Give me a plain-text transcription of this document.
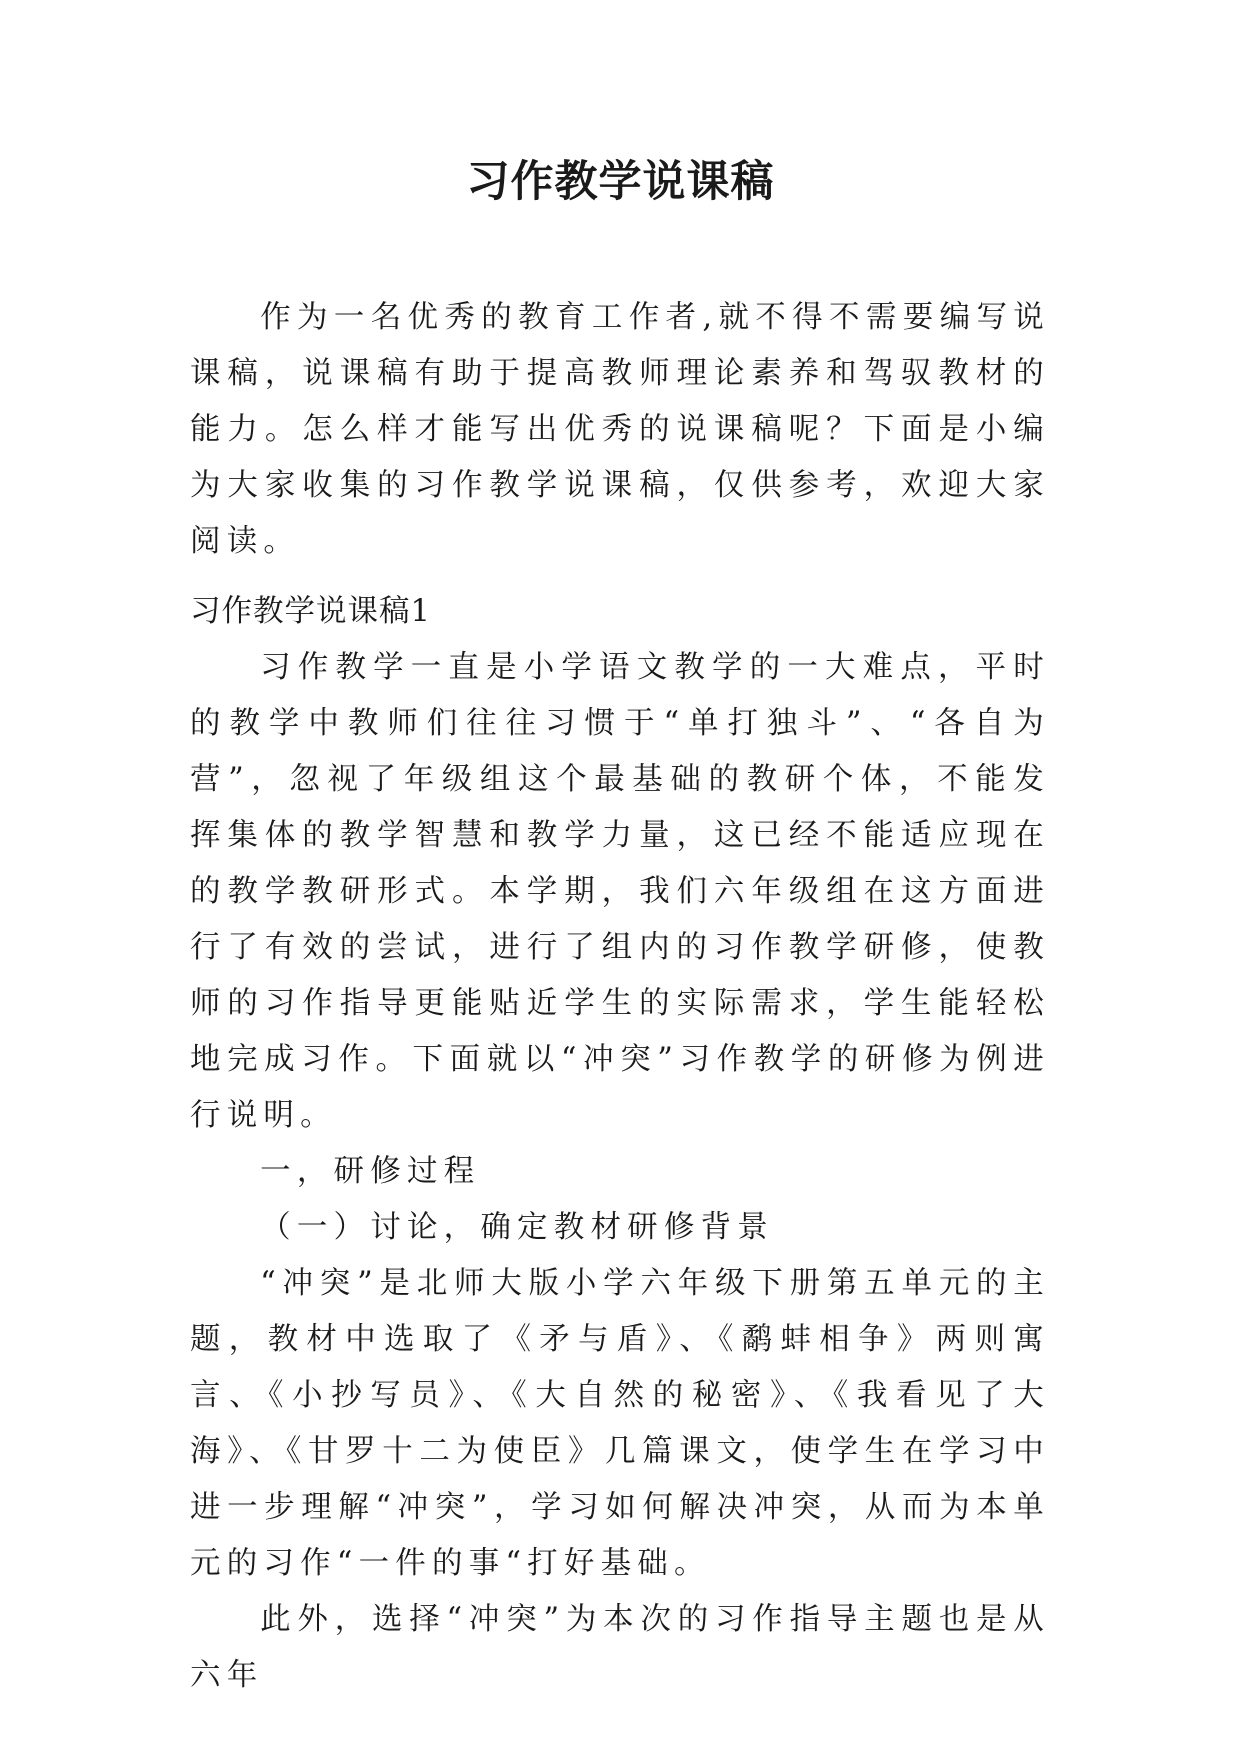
习作教学说课稿

作为一名优秀的教育工作者,就不得不需要编写说课稿，说课稿有助于提高教师理论素养和驾驭教材的能力。怎么样才能写出优秀的说课稿呢？下面是小编为大家收集的习作教学说课稿，仅供参考，欢迎大家阅读。

习作教学说课稿1

习作教学一直是小学语文教学的一大难点，平时的教学中教师们往往习惯于“单打独斗”、“各自为营”，忽视了年级组这个最基础的教研个体，不能发挥集体的教学智慧和教学力量，这已经不能适应现在的教学教研形式。本学期，我们六年级组在这方面进行了有效的尝试，进行了组内的习作教学研修，使教师的习作指导更能贴近学生的实际需求，学生能轻松地完成习作。下面就以“冲突”习作教学的研修为例进行说明。

一，研修过程

（一）讨论，确定教材研修背景

“冲突”是北师大版小学六年级下册第五单元的主题，教材中选取了《矛与盾》、《鹬蚌相争》两则寓言、《小抄写员》、《大自然的秘密》、《我看见了大海》、《甘罗十二为使臣》几篇课文，使学生在学习中进一步理解“冲突”，学习如何解决冲突，从而为本单元的习作“一件的事“打好基础。

此外，选择“冲突”为本次的习作指导主题也是从六年
